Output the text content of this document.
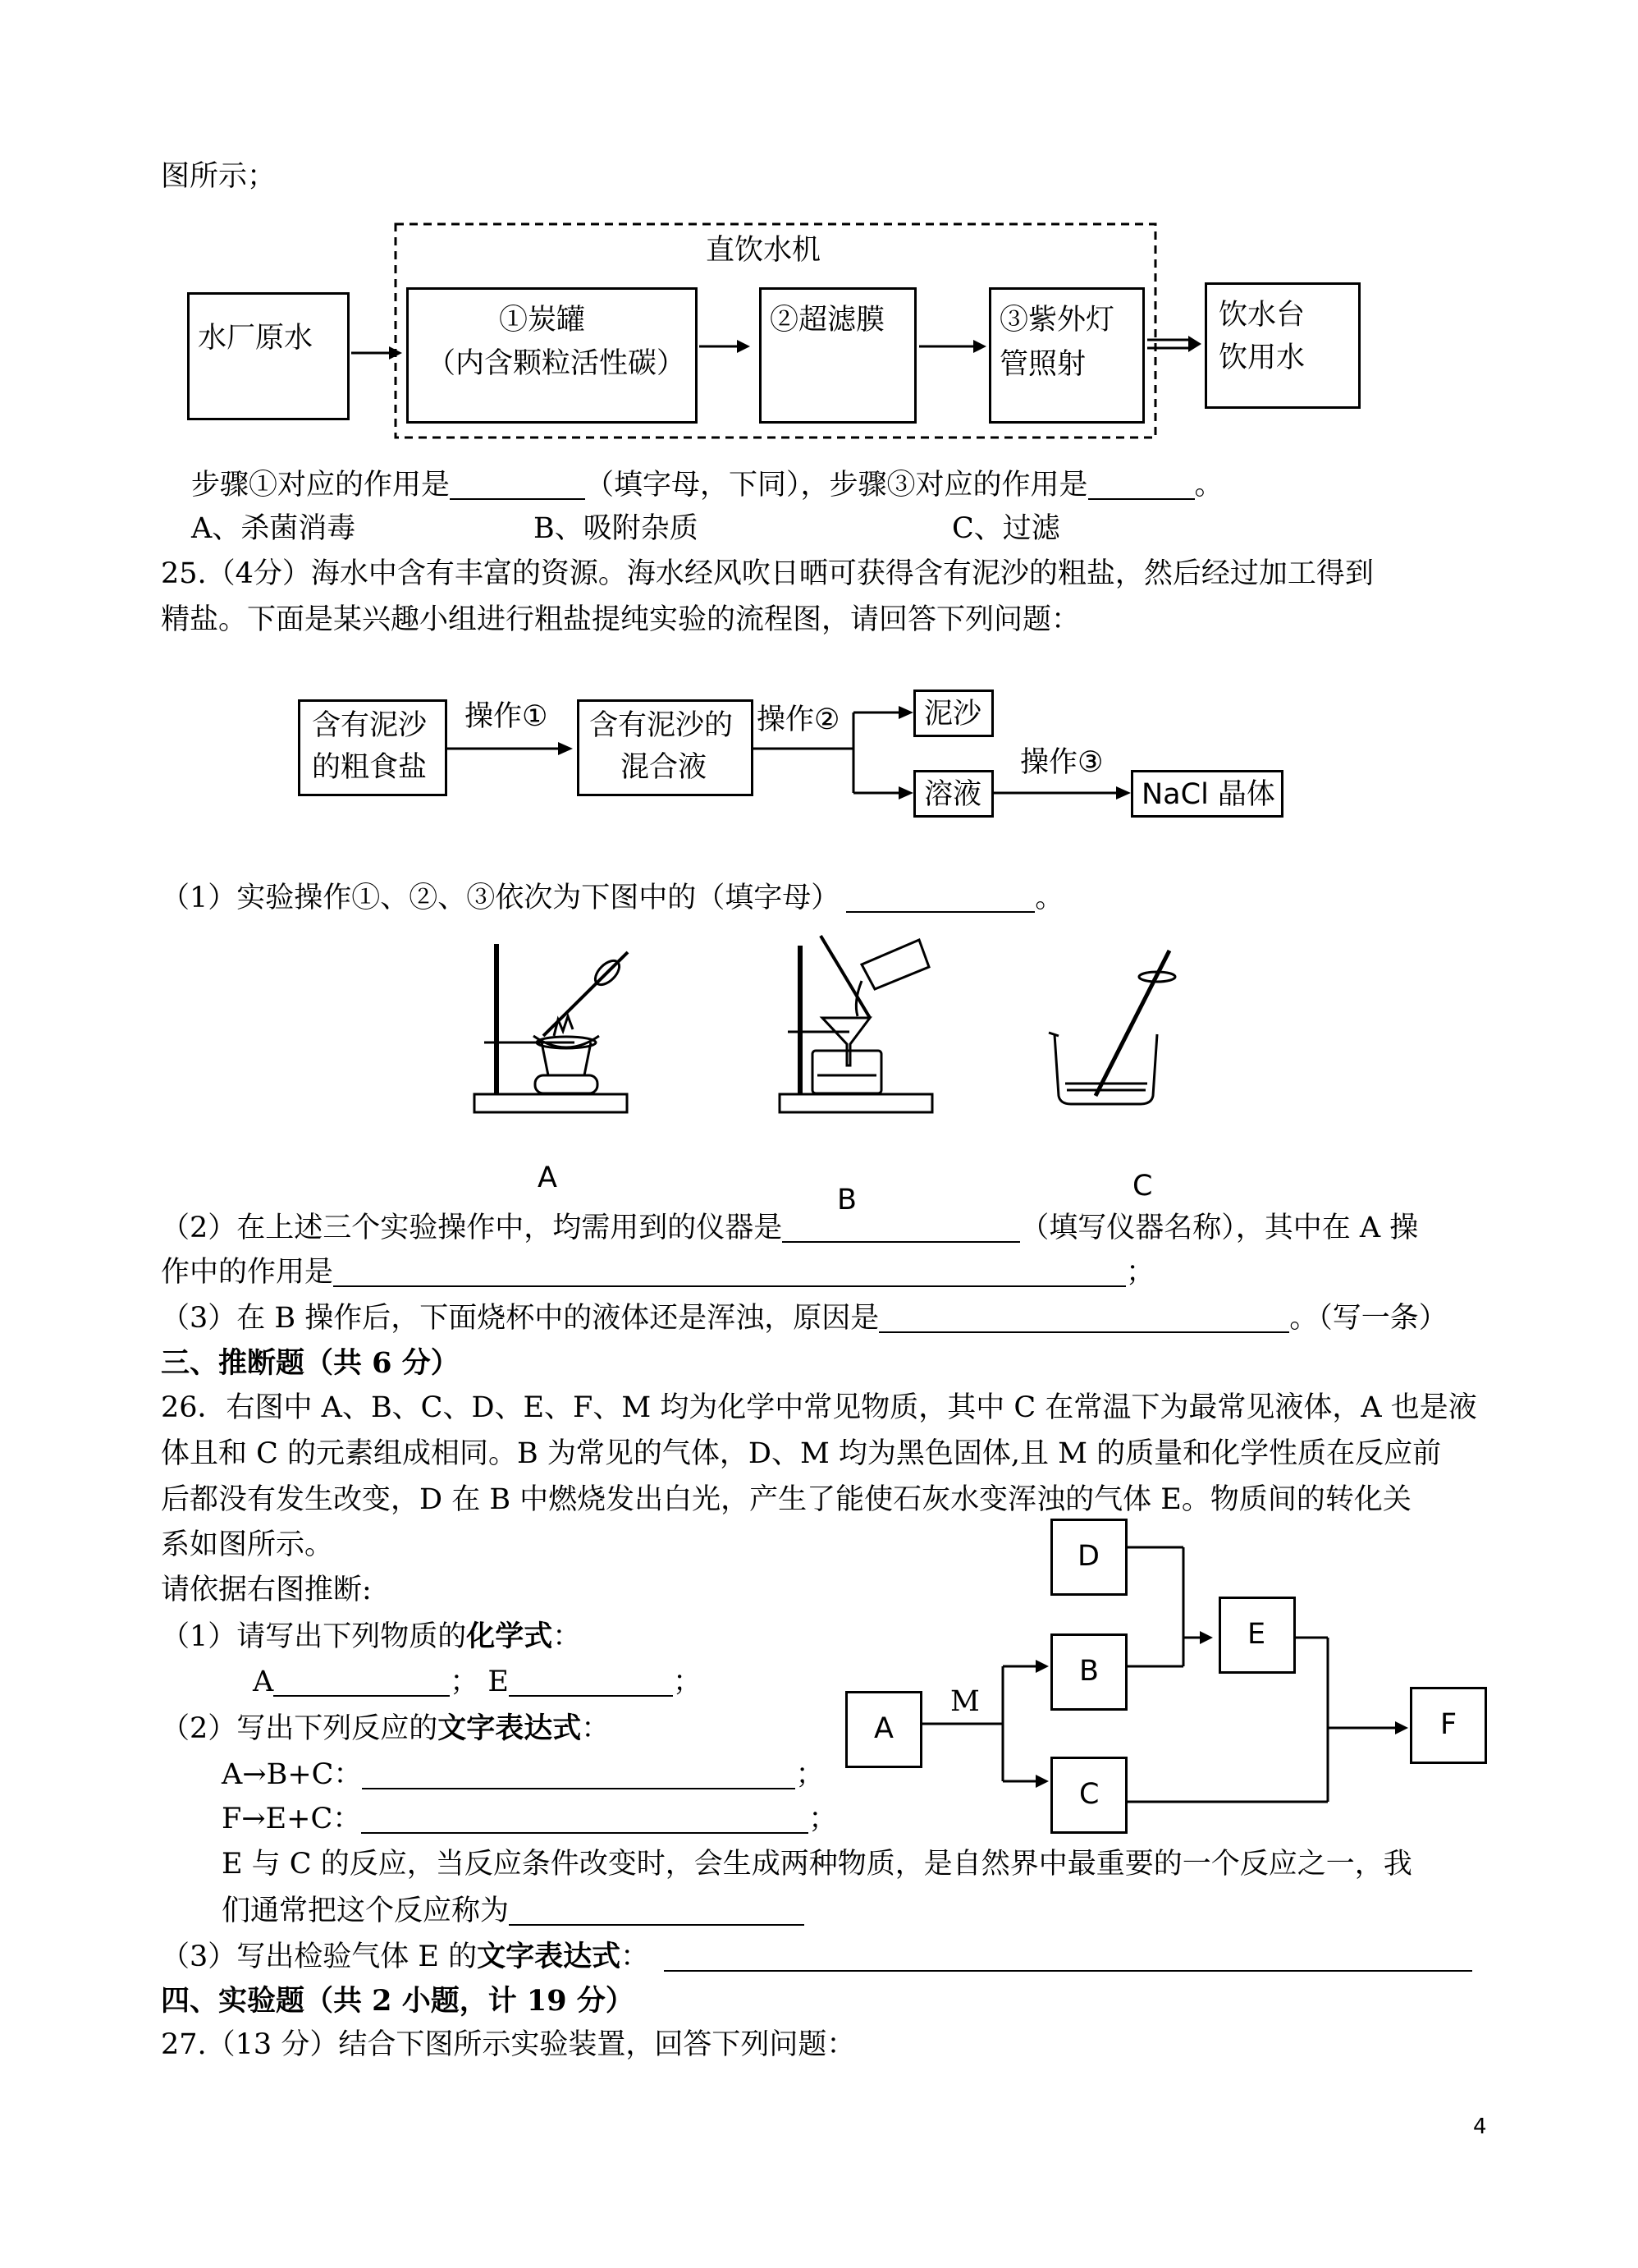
图所示；
直饮水机
水厂原水
①炭罐
（内含颗粒活性碳）
②超滤膜	③紫外灯
管照射
饮水台
饮用水
步骤①对应的作用是	（填字母，下同），步骤③对应的作用是	。
A、杀菌消毒	B、吸附杂质	C、过滤
25.（4分）海水中含有丰富的资源。海水经风吹日晒可获得含有泥沙的粗盐，然后经过加工得到
精盐。下面是某兴趣小组进行粗盐提纯实验的流程图，请回答下列问题：
含有泥沙
的粗食盐
操作① 含有泥沙的
混合液
操作②	泥沙
溶液
操作③
NaCl 晶体
（1）实验操作①、②、③依次为下图中的（填字母）	。
A
B	C
（2）在上述三个实验操作中，均需用到的仪器是	（填写仪器名称），其中在 A 操
作中的作用是	；
（3）在 B 操作后，下面烧杯中的液体还是浑浊，原因是	。（写一条）
三、推断题（共 6 分）
26．右图中 A、B、C、D、E、F、M 均为化学中常见物质，其中 C 在常温下为最常见液体，A 也是液
体且和 C 的元素组成相同。B 为常见的气体，D、M 均为黑色固体,且 M 的质量和化学性质在反应前
后都没有发生改变，D 在 B 中燃烧发出白光，产生了能使石灰水变浑浊的气体 E。物质间的转化关
系如图所示。
请依据右图推断:
（1）请写出下列物质的化学式：
A	； E	；
（2）写出下列反应的文字表达式：
A→B+C：	；
F→E+C：	；
E 与 C 的反应，当反应条件改变时，会生成两种物质，是自然界中最重要的一个反应之一，我
们通常把这个反应称为
（3）写出检验气体 E 的文字表达式：
A
M
D
B
C
E
F
四、实验题（共 2 小题，计 19 分）
27.（13 分）结合下图所示实验装置，回答下列问题：
4
